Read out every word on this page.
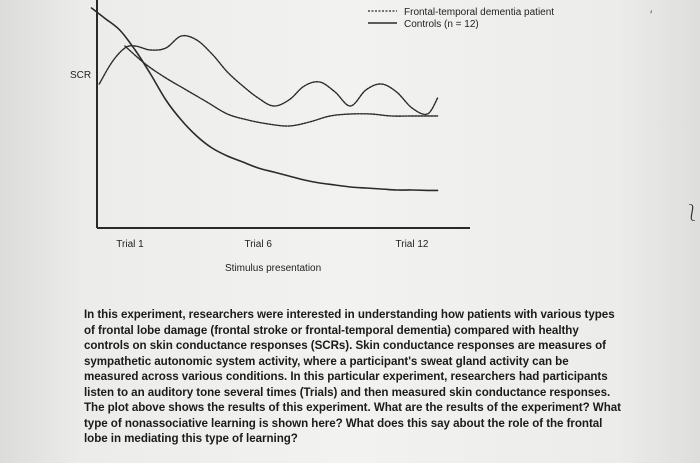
Trial 1	Trial 6	Trial 12
SCR
Stimulus presentation
Frontal-temporal dementia patient
Controls (n = 12)
In this experiment, researchers were interested in understanding how patients with various types of frontal lobe damage (frontal stroke or frontal-temporal dementia) compared with healthy controls on skin conductance responses (SCRs). Skin conductance responses are measures of sympathetic autonomic system activity, where a participant's sweat gland activity can be measured across various conditions. In this particular experiment, researchers had participants listen to an auditory tone several times (Trials) and then measured skin conductance responses. The plot above shows the results of this experiment. What are the results of the experiment? What type of nonassociative learning is shown here? What does this say about the role of the frontal lobe in mediating this type of learning?
⎱
′
